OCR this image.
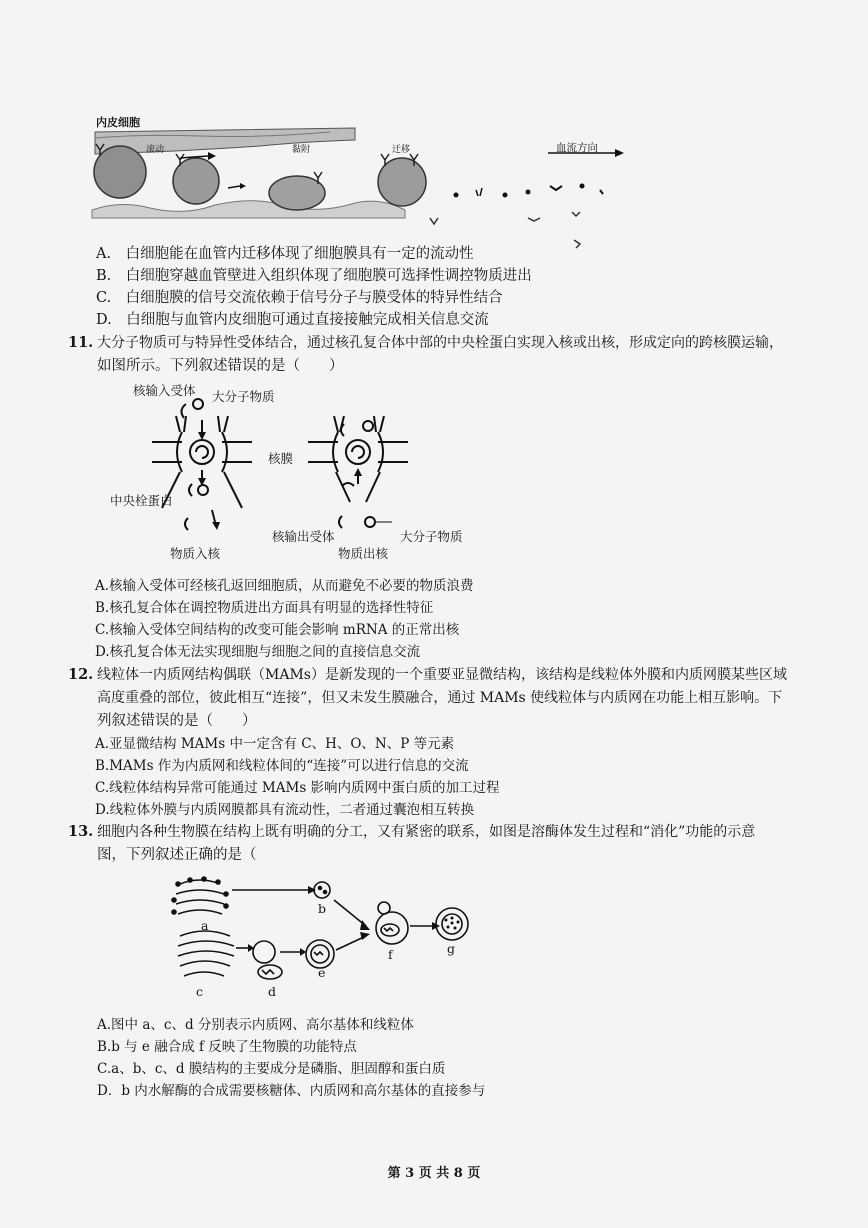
内皮细胞
滚动	黏附	迁移	血流方向
A.　白细胞能在血管内迁移体现了细胞膜具有一定的流动性
B.　白细胞穿越血管壁进入组织体现了细胞膜可选择性调控物质进出
C.　白细胞膜的信号交流依赖于信号分子与膜受体的特异性结合
D.　白细胞与血管内皮细胞可通过直接接触完成相关信息交流
11. 大分子物质可与特异性受体结合，通过核孔复合体中部的中央栓蛋白实现入核或出核，形成定向的跨核膜运输，
如图所示。下列叙述错误的是（　　）
核输入受体 大分子物质
核膜
中央栓蛋白
物质入核
核输出受体	大分子物质
物质出核
A.核输入受体可经核孔返回细胞质，从而避免不必要的物质浪费
B.核孔复合体在调控物质进出方面具有明显的选择性特征
C.核输入受体空间结构的改变可能会影响 mRNA 的正常出核
D.核孔复合体无法实现细胞与细胞之间的直接信息交流
12. 线粒体一内质网结构偶联（MAMs）是新发现的一个重要亚显微结构，该结构是线粒体外膜和内质网膜某些区域
高度重叠的部位，彼此相互“连接”，但又未发生膜融合，通过 MAMs 使线粒体与内质网在功能上相互影响。下
列叙述错误的是（　　）
A.亚显微结构 MAMs 中一定含有 C、H、O、N、P 等元素
B.MAMs 作为内质网和线粒体间的“连接”可以进行信息的交流
C.线粒体结构异常可能通过 MAMs 影响内质网中蛋白质的加工过程
D.线粒体外膜与内质网膜都具有流动性，二者通过囊泡相互转换
13. 细胞内各种生物膜在结构上既有明确的分工，又有紧密的联系，如图是溶酶体发生过程和“消化”功能的示意
图，下列叙述正确的是（
a
b
c	d
e
f	g
A.图中 a、c、d 分别表示内质网、高尔基体和线粒体
B.b 与 e 融合成 f 反映了生物膜的功能特点
C.a、b、c、d 膜结构的主要成分是磷脂、胆固醇和蛋白质
D．b 内水解酶的合成需要核糖体、内质网和高尔基体的直接参与
第 3 页 共 8 页
